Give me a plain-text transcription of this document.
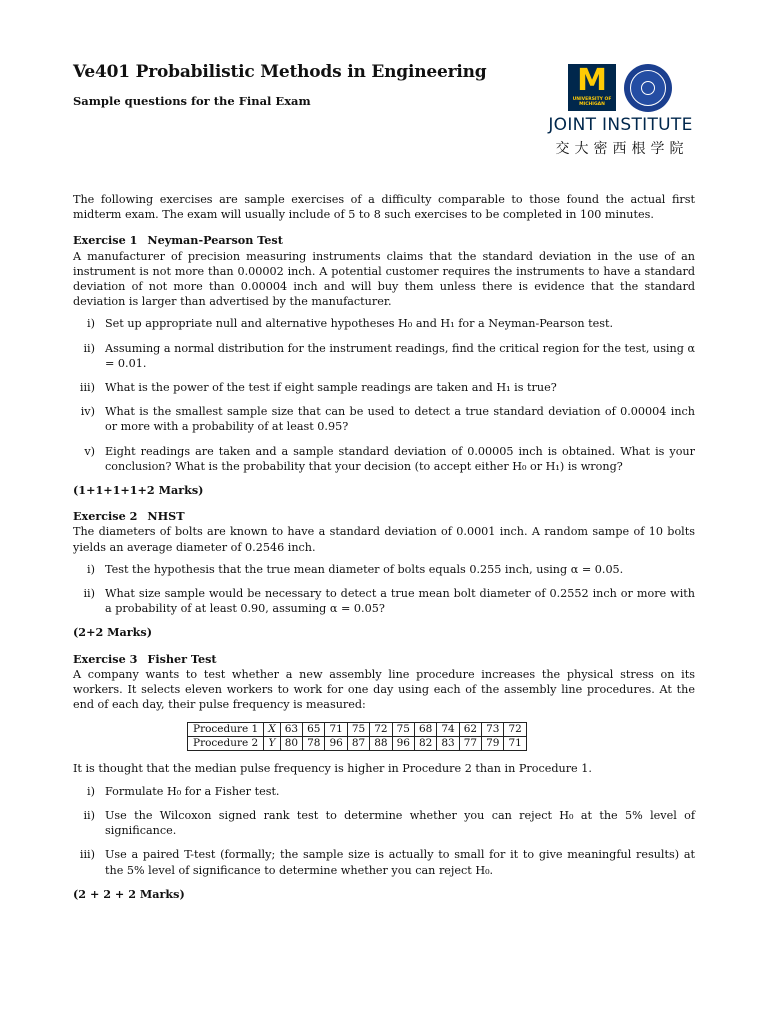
Ve401 Probabilistic Methods in Engineering
Sample questions for the Final Exam
M
UNIVERSITY OF MICHIGAN
JOINT INSTITUTE
交大密西根学院

The following exercises are sample exercises of a difficulty comparable to those found the actual first midterm exam. The exam will usually include of 5 to 8 such exercises to be completed in 100 minutes.

Exercise 1 Neyman-Pearson Test

A manufacturer of precision measuring instruments claims that the standard deviation in the use of an instrument is not more than 0.00002 inch. A potential customer requires the instruments to have a standard deviation of not more than 0.00004 inch and will buy them unless there is evidence that the standard deviation is larger than advertised by the manufacturer.

i) Set up appropriate null and alternative hypotheses H₀ and H₁ for a Neyman-Pearson test.
ii) Assuming a normal distribution for the instrument readings, find the critical region for the test, using α = 0.01.
iii) What is the power of the test if eight sample readings are taken and H₁ is true?
iv) What is the smallest sample size that can be used to detect a true standard deviation of 0.00004 inch or more with a probability of at least 0.95?
v) Eight readings are taken and a sample standard deviation of 0.00005 inch is obtained. What is your conclusion? What is the probability that your decision (to accept either H₀ or H₁) is wrong?

(1+1+1+1+2 Marks)

Exercise 2 NHST

The diameters of bolts are known to have a standard deviation of 0.0001 inch. A random sampe of 10 bolts yields an average diameter of 0.2546 inch.

i) Test the hypothesis that the true mean diameter of bolts equals 0.255 inch, using α = 0.05.
ii) What size sample would be necessary to detect a true mean bolt diameter of 0.2552 inch or more with a probability of at least 0.90, assuming α = 0.05?

(2+2 Marks)

Exercise 3 Fisher Test

A company wants to test whether a new assembly line procedure increases the physical stress on its workers. It selects eleven workers to work for one day using each of the assembly line procedures. At the end of each day, their pulse frequency is measured:

Procedure 1	X	63	65	71	75	72	75	68	74	62	73	72
Procedure 2	Y	80	78	96	87	88	96	82	83	77	79	71

It is thought that the median pulse frequency is higher in Procedure 2 than in Procedure 1.

i) Formulate H₀ for a Fisher test.
ii) Use the Wilcoxon signed rank test to determine whether you can reject H₀ at the 5% level of significance.
iii) Use a paired T-test (formally; the sample size is actually to small for it to give meaningful results) at the 5% level of significance to determine whether you can reject H₀.

(2 + 2 + 2 Marks)
